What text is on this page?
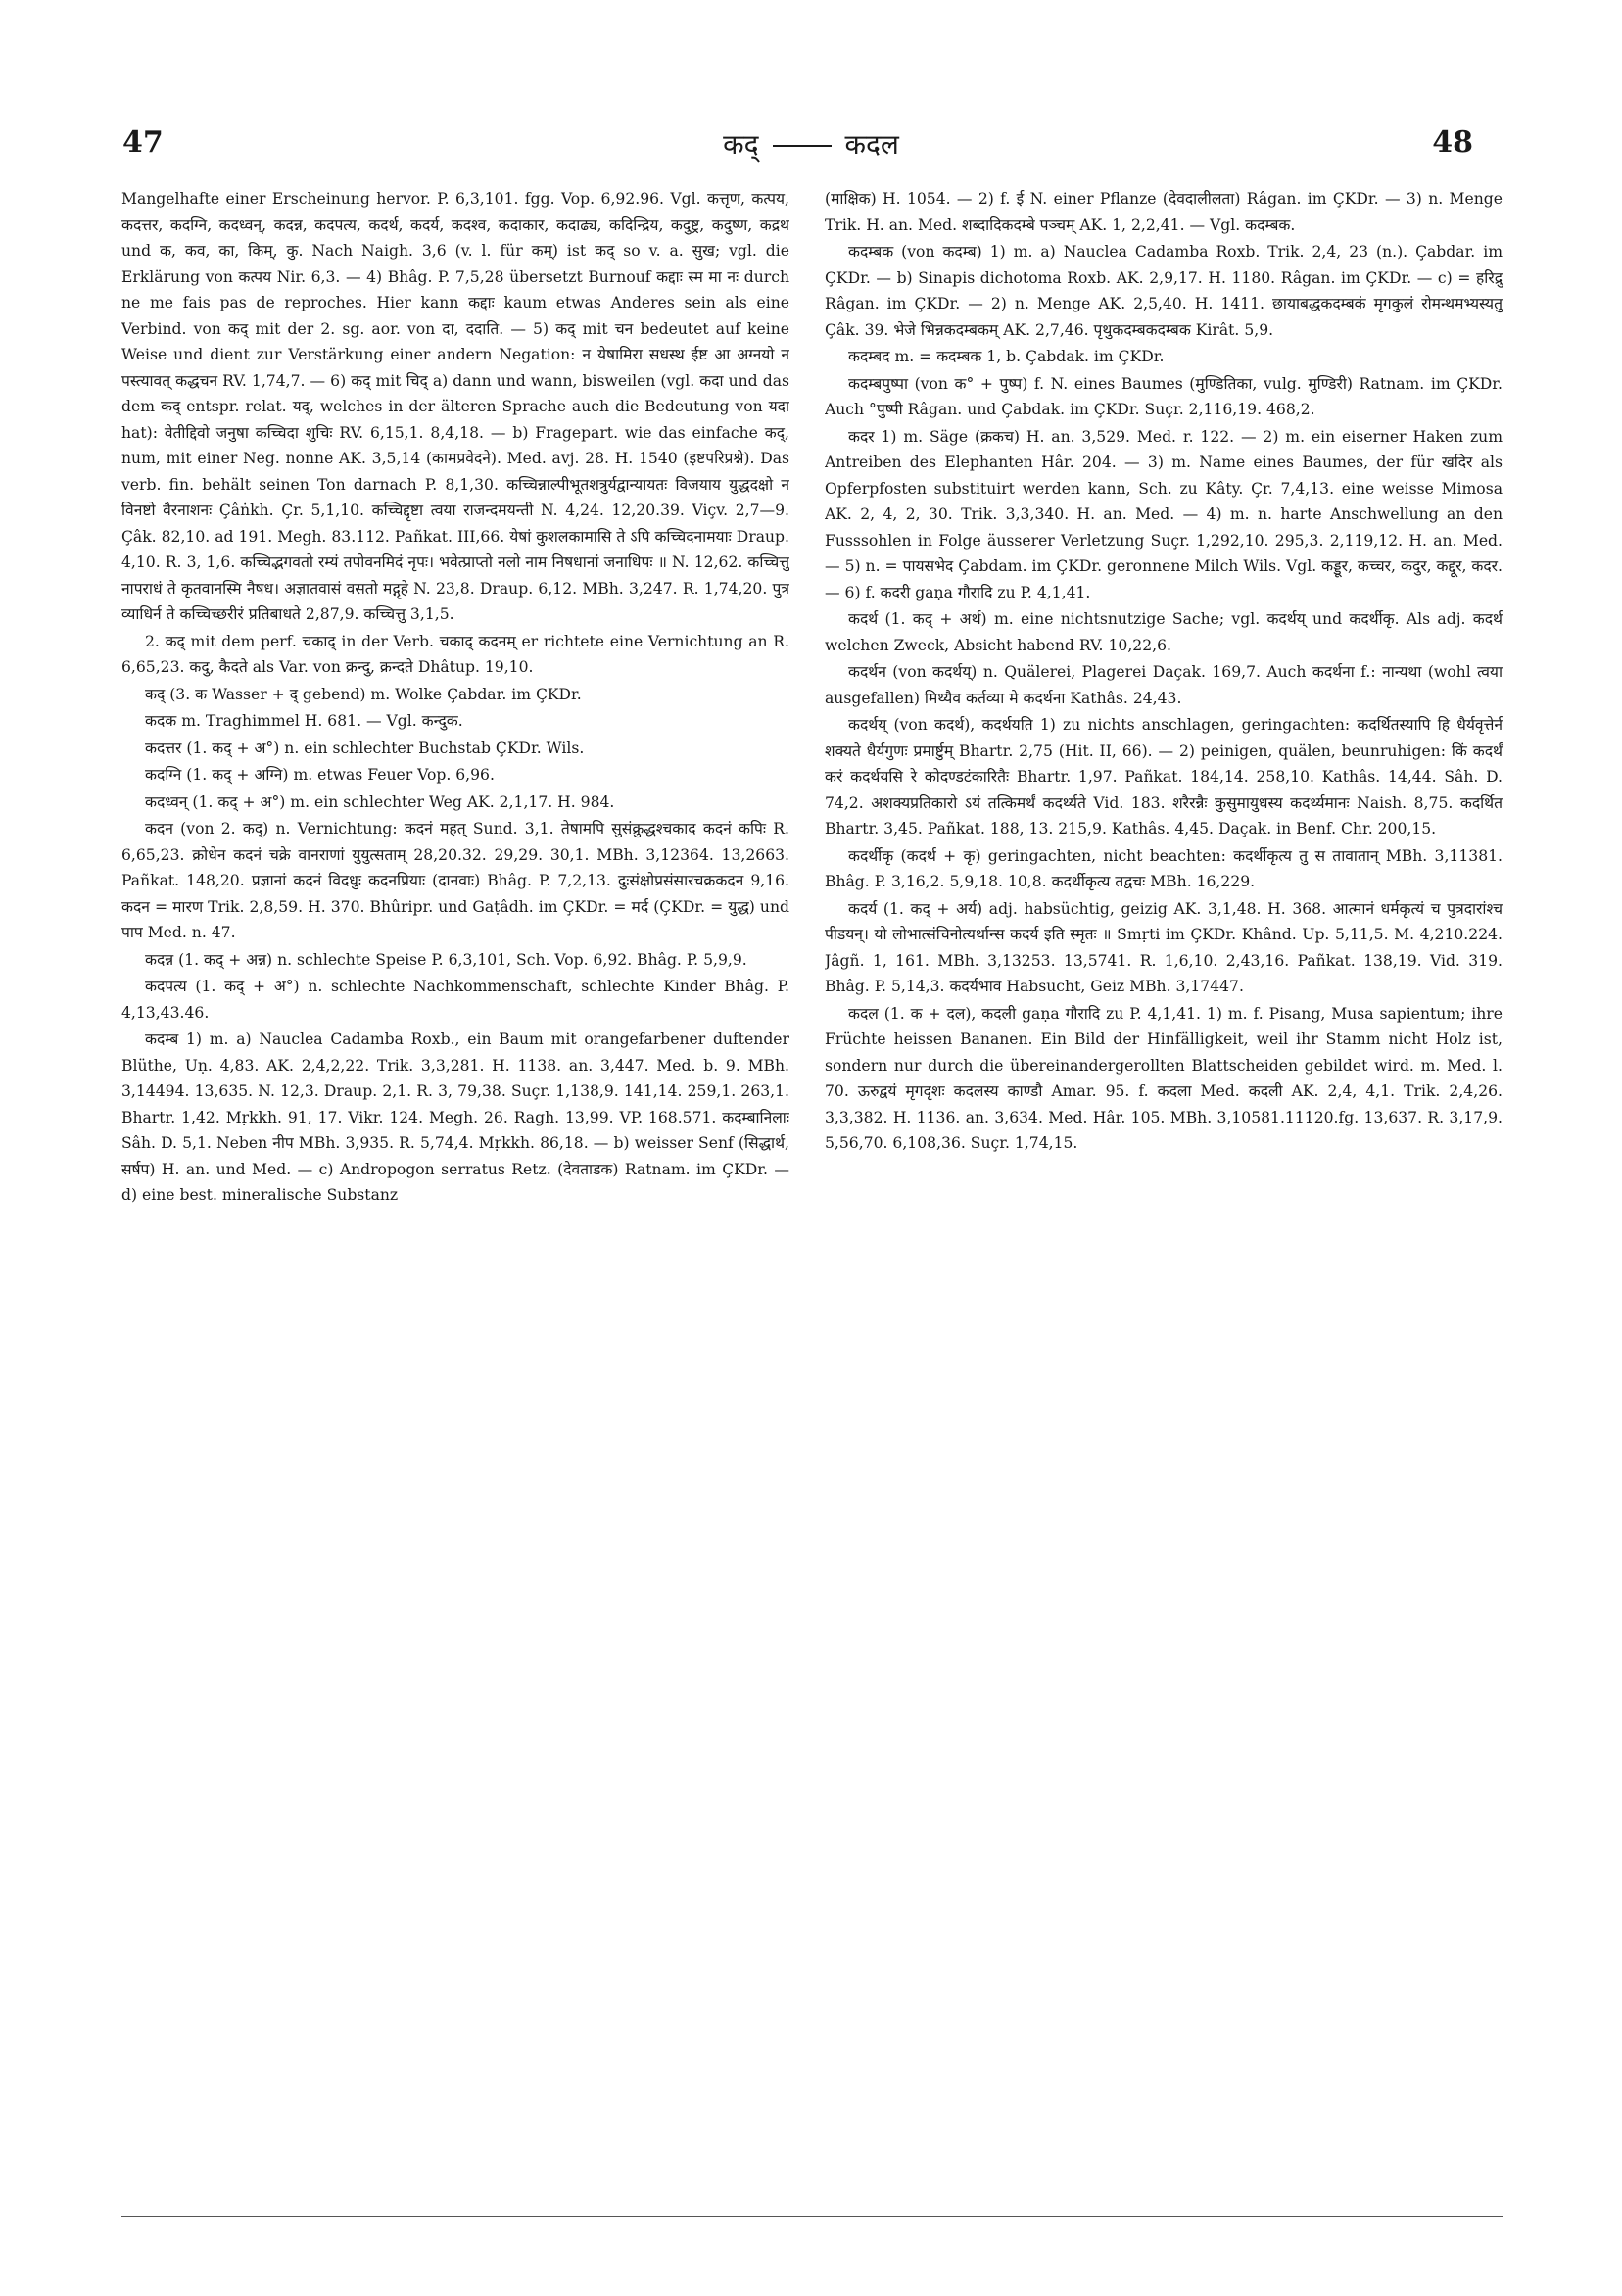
47	कद्	कदल	48

Mangelhafte einer Erscheinung hervor. P. 6,3,101. fgg. Vop. 6,92.96. Vgl. कत्तृण, कत्पय, कदत्तर, कदग्नि, कदध्वन्, कदन्न, कदपत्य, कदर्थ, कदर्य, कदश्व, कदाकार, कदाढ्य, कदिन्द्रिय, कदुष्ट्र, कदुष्ण, कद्रथ und क, कव, का, किम्, कु. Nach Naigh. 3,6 (v. l. für कम्) ist कद् so v. a. सुख; vgl. die Erklärung von कत्पय Nir. 6,3. — 4) Bhâg. P. 7,5,28 übersetzt Burnouf कद्दाः स्म मा नः durch ne me fais pas de reproches. Hier kann कद्दाः kaum etwas Anderes sein als eine Verbind. von कद् mit der 2. sg. aor. von दा, ददाति. — 5) कद् mit चन bedeutet auf keine Weise und dient zur Verstärkung einer andern Negation: न येषामिरा सधस्थ ईष्ट आ अग्नयो न पस्त्यावत् कद्धचन RV. 1,74,7. — 6) कद् mit चिद् a) dann und wann, bisweilen (vgl. कदा und das dem कद् entspr. relat. यद्, welches in der älteren Sprache auch die Bedeutung von यदा hat): वेतीद्दिवो जनुषा कच्चिदा शुचिः RV. 6,15,1. 8,4,18. — b) Fragepart. wie das einfache कद्, num, mit einer Neg. nonne AK. 3,5,14 (कामप्रवेदने). Med. avj. 28. H. 1540 (इष्टपरिप्रश्ने). Das verb. fin. behält seinen Ton darnach P. 8,1,30. कच्चिन्नाल्पीभूतशत्रुर्यद्वान्यायतः विजयाय युद्धदक्षो न विनष्टो वैरनाशनः Çâṅkh. Çr. 5,1,10. कच्चिद्दृष्टा त्वया राजन्दमयन्ती N. 4,24. 12,20.39. Viçv. 2,7—9. Çâk. 82,10. ad 191. Megh. 83.112. Pañkat. III,66. येषां कुशलकामासि ते ऽपि कच्चिदनामयाः Draup. 4,10. R. 3, 1,6. कच्चिद्भगवतो रम्यं तपोवनमिदं नृपः। भवेत्प्राप्तो नलो नाम निषधानां जनाधिपः ॥ N. 12,62. कच्चित्तु नापराधं ते कृतवानस्मि नैषध। अज्ञातवासं वसतो मद्गृहे N. 23,8. Draup. 6,12. MBh. 3,247. R. 1,74,20. पुत्र व्याधिर्न ते कच्चिच्छरीरं प्रतिबाधते 2,87,9. कच्चित्तु 3,1,5.

2. कद् mit dem perf. चकाद् in der Verb. चकाद् कदनम् er richtete eine Vernichtung an R. 6,65,23. कदु, कैदते als Var. von क्रन्दु, क्रन्दते Dhâtup. 19,10.

कद् (3. क Wasser + द् gebend) m. Wolke Çabdar. im ÇKDr.

कदक m. Traghimmel H. 681. — Vgl. कन्दुक.

कदत्तर (1. कद् + अ°) n. ein schlechter Buchstab ÇKDr. Wils.

कदग्नि (1. कद् + अग्नि) m. etwas Feuer Vop. 6,96.

कदध्वन् (1. कद् + अ°) m. ein schlechter Weg AK. 2,1,17. H. 984.

कदन (von 2. कद्) n. Vernichtung: कदनं महत् Sund. 3,1. तेषामपि सुसंक्रुद्धश्चकाद कदनं कपिः R. 6,65,23. क्रोधेन कदनं चक्रे वानराणां युयुत्सताम् 28,20.32. 29,29. 30,1. MBh. 3,12364. 13,2663. Pañkat. 148,20. प्रज्ञानां कदनं विदधुः कदनप्रियाः (दानवाः) Bhâg. P. 7,2,13. दुःसंक्षोप्रसंसारचक्रकदन 9,16. कदन = मारण Trik. 2,8,59. H. 370. Bhûripr. und Gaṭâdh. im ÇKDr. = मर्द (ÇKDr. = युद्ध) und पाप Med. n. 47.

कदन्न (1. कद् + अन्न) n. schlechte Speise P. 6,3,101, Sch. Vop. 6,92. Bhâg. P. 5,9,9.

कदपत्य (1. कद् + अ°) n. schlechte Nachkommenschaft, schlechte Kinder Bhâg. P. 4,13,43.46.

कदम्ब 1) m. a) Nauclea Cadamba Roxb., ein Baum mit orangefarbener duftender Blüthe, Uṇ. 4,83. AK. 2,4,2,22. Trik. 3,3,281. H. 1138. an. 3,447. Med. b. 9. MBh. 3,14494. 13,635. N. 12,3. Draup. 2,1. R. 3, 79,38. Suçr. 1,138,9. 141,14. 259,1. 263,1. Bhartr. 1,42. Mṛkkh. 91, 17. Vikr. 124. Megh. 26. Ragh. 13,99. VP. 168.571. कदम्बानिलाः Sâh. D. 5,1. Neben नीप MBh. 3,935. R. 5,74,4. Mṛkkh. 86,18. — b) weisser Senf (सिद्धार्थ, सर्षप) H. an. und Med. — c) Andropogon serratus Retz. (देवताडक) Ratnam. im ÇKDr. — d) eine best. mineralische Substanz

(माक्षिक) H. 1054. — 2) f. ई N. einer Pflanze (देवदालीलता) Râgan. im ÇKDr. — 3) n. Menge Trik. H. an. Med. शब्दादिकदम्बे पञ्चम् AK. 1, 2,2,41. — Vgl. कदम्बक.

कदम्बक (von कदम्ब) 1) m. a) Nauclea Cadamba Roxb. Trik. 2,4, 23 (n.). Çabdar. im ÇKDr. — b) Sinapis dichotoma Roxb. AK. 2,9,17. H. 1180. Râgan. im ÇKDr. — c) = हरिद्रु Râgan. im ÇKDr. — 2) n. Menge AK. 2,5,40. H. 1411. छायाबद्धकदम्बकं मृगकुलं रोमन्थमभ्यस्यतु Çâk. 39. भेजे भिन्नकदम्बकम् AK. 2,7,46. पृथुकदम्बकदम्बक Kirât. 5,9.

कदम्बद m. = कदम्बक 1, b. Çabdak. im ÇKDr.

कदम्बपुष्पा (von क° + पुष्प) f. N. eines Baumes (मुण्डितिका, vulg. मुण्डिरी) Ratnam. im ÇKDr. Auch °पुष्पी Râgan. und Çabdak. im ÇKDr. Suçr. 2,116,19. 468,2.

कदर 1) m. Säge (क्रकच) H. an. 3,529. Med. r. 122. — 2) m. ein eiserner Haken zum Antreiben des Elephanten Hâr. 204. — 3) m. Name eines Baumes, der für खदिर als Opferpfosten substituirt werden kann, Sch. zu Kâty. Çr. 7,4,13. eine weisse Mimosa AK. 2, 4, 2, 30. Trik. 3,3,340. H. an. Med. — 4) m. n. harte Anschwellung an den Fusssohlen in Folge äusserer Verletzung Suçr. 1,292,10. 295,3. 2,119,12. H. an. Med. — 5) n. = पायसभेद Çabdam. im ÇKDr. geronnene Milch Wils. Vgl. कड्डूर, कच्चर, कदुर, कद्दूर, कदर. — 6) f. कदरी gaṇa गौरादि zu P. 4,1,41.

कदर्थ (1. कद् + अर्थ) m. eine nichtsnutzige Sache; vgl. कदर्थय् und कदर्थीकृ. Als adj. कदर्थ welchen Zweck, Absicht habend RV. 10,22,6.

कदर्थन (von कदर्थय्) n. Quälerei, Plagerei Daçak. 169,7. Auch कदर्थना f.: नान्यथा (wohl त्वया ausgefallen) मिथ्यैव कर्तव्या मे कदर्थना Kathâs. 24,43.

कदर्थय् (von कदर्थ), कदर्थयति 1) zu nichts anschlagen, geringachten: कदर्थितस्यापि हि धैर्यवृत्तेर्न शक्यते धैर्यगुणः प्रमार्ष्टुम् Bhartr. 2,75 (Hit. II, 66). — 2) peinigen, quälen, beunruhigen: किं कदर्थं करं कदर्थयसि रे कोदण्डटंकारितैः Bhartr. 1,97. Pañkat. 184,14. 258,10. Kathâs. 14,44. Sâh. D. 74,2. अशक्यप्रतिकारो ऽयं तत्किमर्थं कदर्थ्यते Vid. 183. शरैरन्नैः कुसुमायुधस्य कदर्थ्यमानः Naish. 8,75. कदर्थित Bhartr. 3,45. Pañkat. 188, 13. 215,9. Kathâs. 4,45. Daçak. in Benf. Chr. 200,15.

कदर्थीकृ (कदर्थ + कृ) geringachten, nicht beachten: कदर्थीकृत्य तु स तावातान् MBh. 3,11381. Bhâg. P. 3,16,2. 5,9,18. 10,8. कदर्थीकृत्य तद्वचः MBh. 16,229.

कदर्य (1. कद् + अर्य) adj. habsüchtig, geizig AK. 3,1,48. H. 368. आत्मानं धर्मकृत्यं च पुत्रदारांश्च पीडयन्। यो लोभात्संचिनोत्यर्थान्स कदर्य इति स्मृतः ॥ Smṛti im ÇKDr. Khând. Up. 5,11,5. M. 4,210.224. Jâgñ. 1, 161. MBh. 3,13253. 13,5741. R. 1,6,10. 2,43,16. Pañkat. 138,19. Vid. 319. Bhâg. P. 5,14,3. कदर्यभाव Habsucht, Geiz MBh. 3,17447.

कदल (1. क + दल), कदली gaṇa गौरादि zu P. 4,1,41. 1) m. f. Pisang, Musa sapientum; ihre Früchte heissen Bananen. Ein Bild der Hinfälligkeit, weil ihr Stamm nicht Holz ist, sondern nur durch die übereinandergerollten Blattscheiden gebildet wird. m. Med. l. 70. ऊरुद्वयं मृगदृशः कदलस्य काण्डौ Amar. 95. f. कदला Med. कदली AK. 2,4, 4,1. Trik. 2,4,26. 3,3,382. H. 1136. an. 3,634. Med. Hâr. 105. MBh. 3,10581.11120.fg. 13,637. R. 3,17,9. 5,56,70. 6,108,36. Suçr. 1,74,15.
